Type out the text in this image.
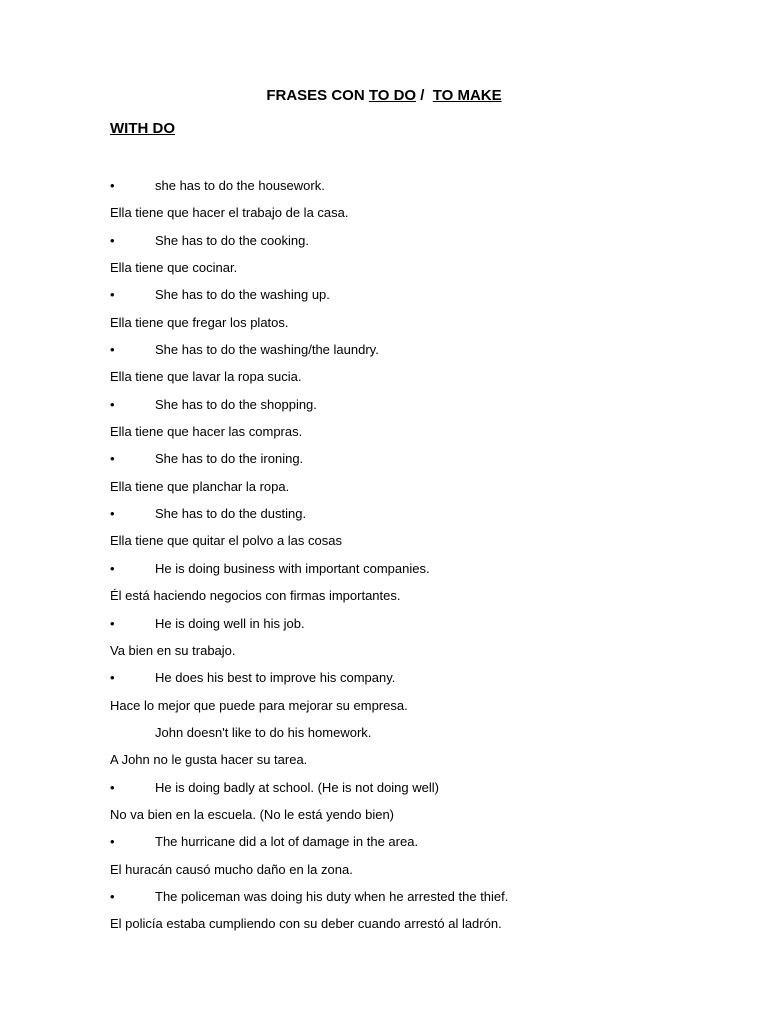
FRASES CON TO DO /  TO MAKE
WITH DO
•	she has to do the housework.
Ella tiene que hacer el trabajo de la casa.
•	She has to do the cooking.
Ella tiene que cocinar.
•	She has to do the washing up.
Ella tiene que fregar los platos.
•	She has to do the washing/the laundry.
Ella tiene que lavar la ropa sucia.
•	She has to do the shopping.
Ella tiene que hacer las compras.
•	She has to do the ironing.
Ella tiene que planchar la ropa.
•	She has to do the dusting.
Ella tiene que quitar el polvo a las cosas
•	He is doing business with important companies.
Él está haciendo negocios con firmas importantes.
•	He is doing well in his job.
Va bien en su trabajo.
•	He does his best to improve his company.
Hace lo mejor que puede para mejorar su empresa.
John doesn't like to do his homework.
A John no le gusta hacer su tarea.
•	He is doing badly at school. (He is not doing well)
No va bien en la escuela. (No le está yendo bien)
•	The hurricane did a lot of damage in the area.
El huracán causó mucho daño en la zona.
•	The policeman was doing his duty when he arrested the thief.
El policía estaba cumpliendo con su deber cuando arrestó al ladrón.
